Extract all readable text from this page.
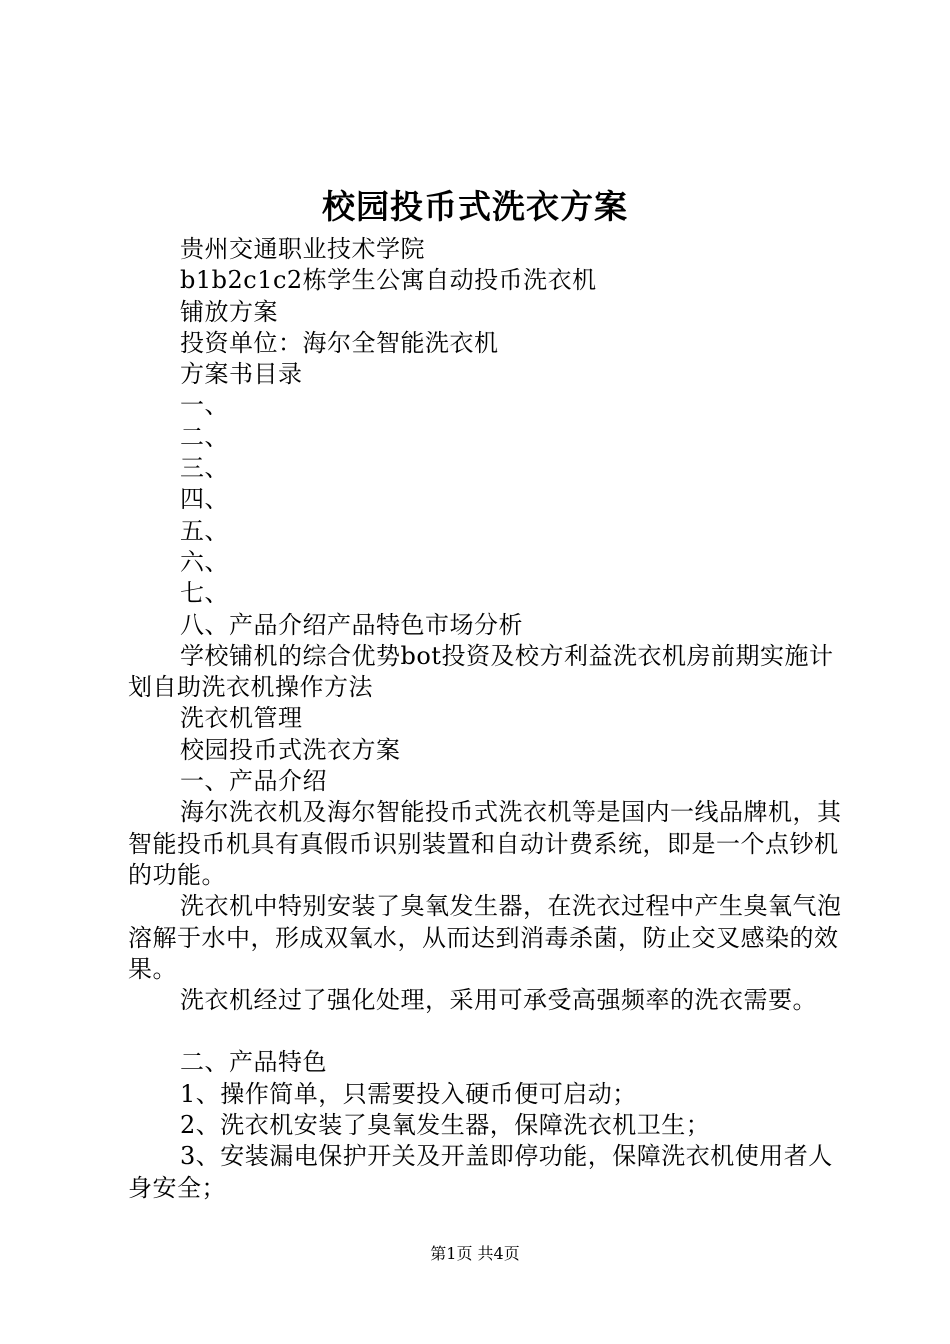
校园投币式洗衣方案

贵州交通职业技术学院

b1b2c1c2栋学生公寓自动投币洗衣机

铺放方案

投资单位：海尔全智能洗衣机

方案书目录

一、

二、

三、

四、

五、

六、

七、

八、产品介绍产品特色市场分析

学校铺机的综合优势bot投资及校方利益洗衣机房前期实施计划自助洗衣机操作方法

洗衣机管理

校园投币式洗衣方案

一、产品介绍

海尔洗衣机及海尔智能投币式洗衣机等是国内一线品牌机，其智能投币机具有真假币识别装置和自动计费系统，即是一个点钞机的功能。

洗衣机中特别安装了臭氧发生器，在洗衣过程中产生臭氧气泡溶解于水中，形成双氧水，从而达到消毒杀菌，防止交叉感染的效果。

洗衣机经过了强化处理，采用可承受高强频率的洗衣需要。

二、产品特色

1、操作简单，只需要投入硬币便可启动；

2、洗衣机安装了臭氧发生器，保障洗衣机卫生；

3、安装漏电保护开关及开盖即停功能，保障洗衣机使用者人身安全；

第1页 共4页
